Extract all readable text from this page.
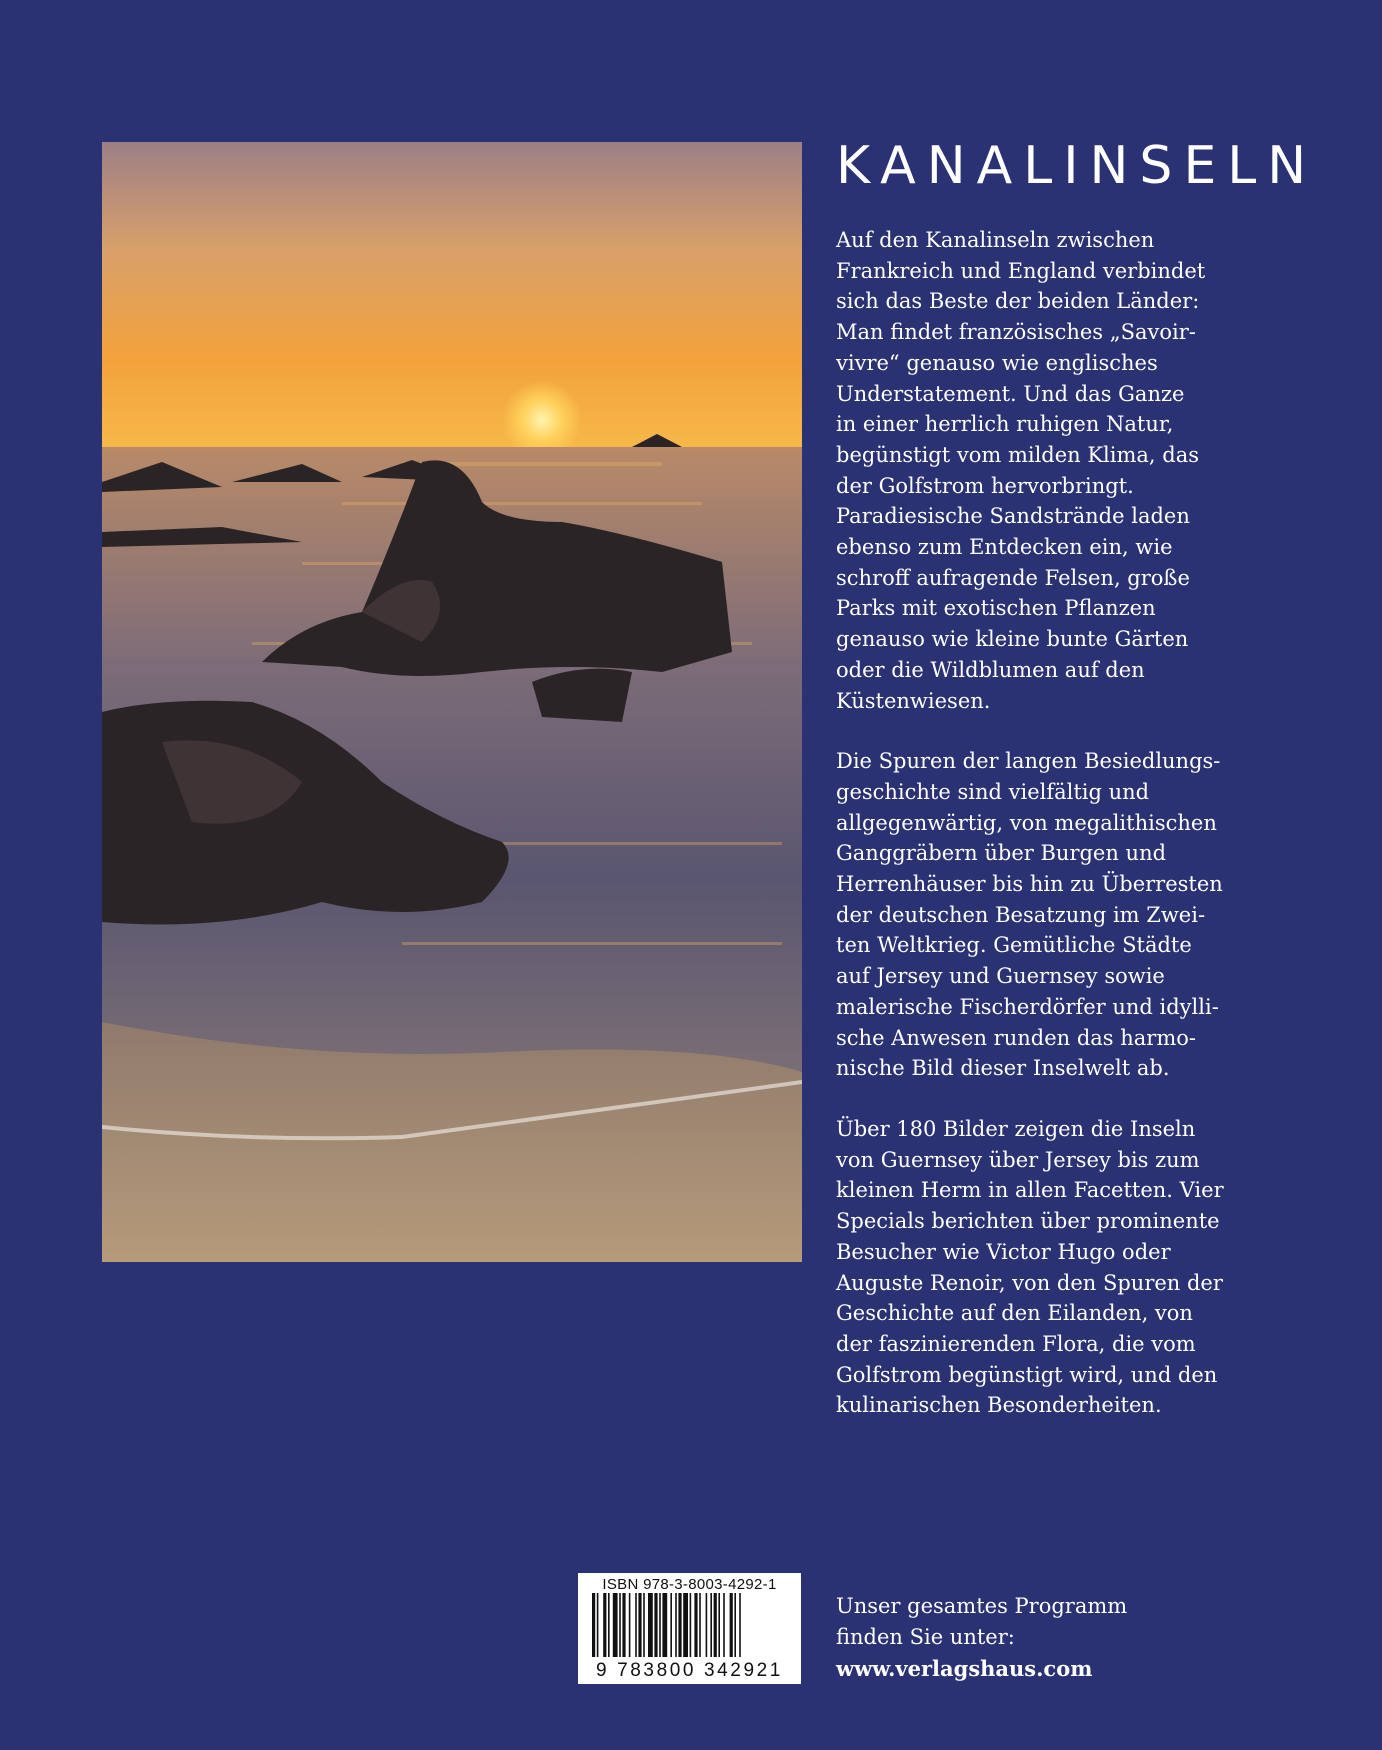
KANALINSELN

Auf den Kanalinseln zwischen
Frankreich und England verbindet
sich das Beste der beiden Länder:
Man findet französisches „Savoir-
vivre“ genauso wie englisches
Understatement. Und das Ganze
in einer herrlich ruhigen Natur,
begünstigt vom milden Klima, das
der Golfstrom hervorbringt.
Paradiesische Sandstrände laden
ebenso zum Entdecken ein, wie
schroff aufragende Felsen, große
Parks mit exotischen Pflanzen
genauso wie kleine bunte Gärten
oder die Wildblumen auf den
Küstenwiesen.

Die Spuren der langen Besiedlungs-
geschichte sind vielfältig und
allgegenwärtig, von megalithischen
Ganggräbern über Burgen und
Herrenhäuser bis hin zu Überresten
der deutschen Besatzung im Zwei-
ten Weltkrieg. Gemütliche Städte
auf Jersey und Guernsey sowie
malerische Fischerdörfer und idylli-
sche Anwesen runden das harmo-
nische Bild dieser Inselwelt ab.

Über 180 Bilder zeigen die Inseln
von Guernsey über Jersey bis zum
kleinen Herm in allen Facetten. Vier
Specials berichten über prominente
Besucher wie Victor Hugo oder
Auguste Renoir, von den Spuren der
Geschichte auf den Eilanden, von
der faszinierenden Flora, die vom
Golfstrom begünstigt wird, und den
kulinarischen Besonderheiten.

ISBN 978-3-8003-4292-1
9 783800 342921
Unser gesamtes Programm
finden Sie unter:
www.verlagshaus.com
